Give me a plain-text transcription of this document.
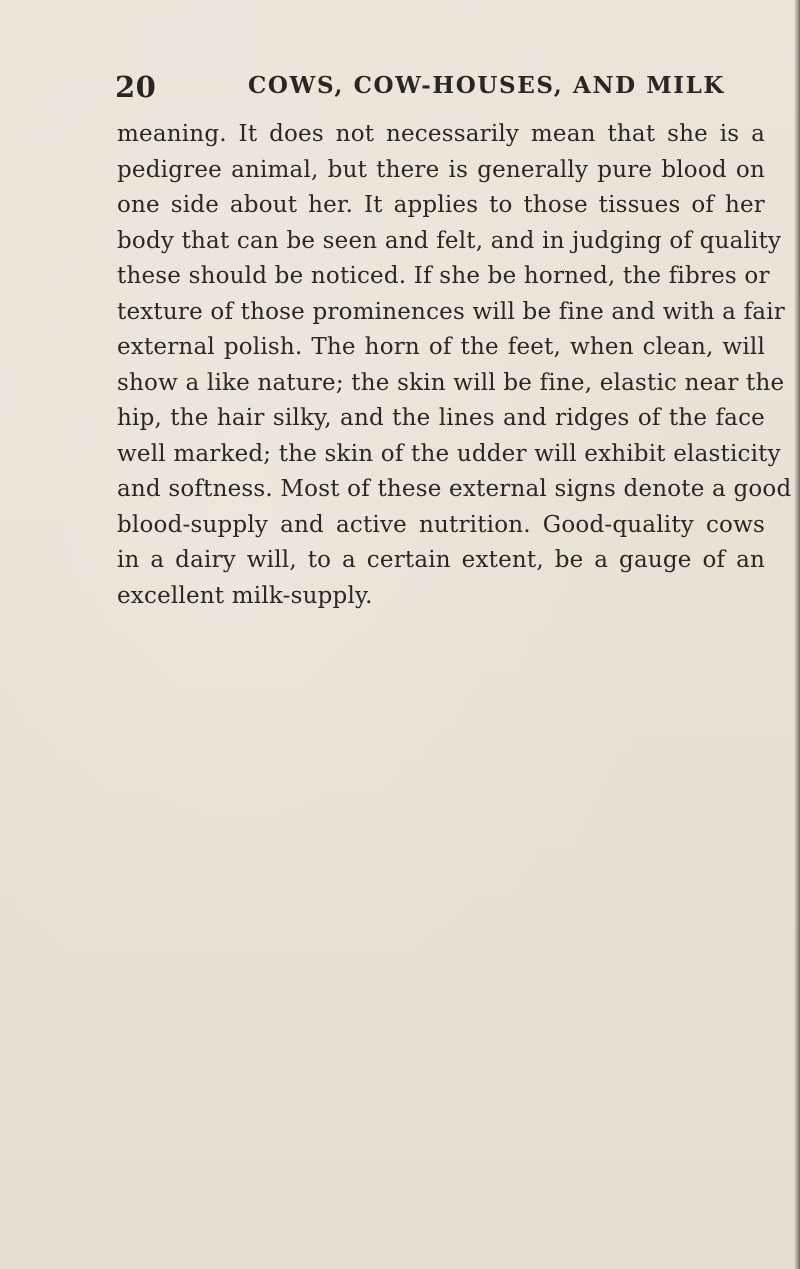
20	COWS, COW-HOUSES, AND MILK
meaning. It does not necessarily mean that she is a
pedigree animal, but there is generally pure blood on
one side about her. It applies to those tissues of her
body that can be seen and felt, and in judging of quality
these should be noticed. If she be horned, the fibres or
texture of those prominences will be fine and with a fair
external polish. The horn of the feet, when clean, will
show a like nature; the skin will be fine, elastic near the
hip, the hair silky, and the lines and ridges of the face
well marked; the skin of the udder will exhibit elasticity
and softness. Most of these external signs denote a good
blood-supply and active nutrition. Good-quality cows
in a dairy will, to a certain extent, be a gauge of an
excellent milk-supply.
